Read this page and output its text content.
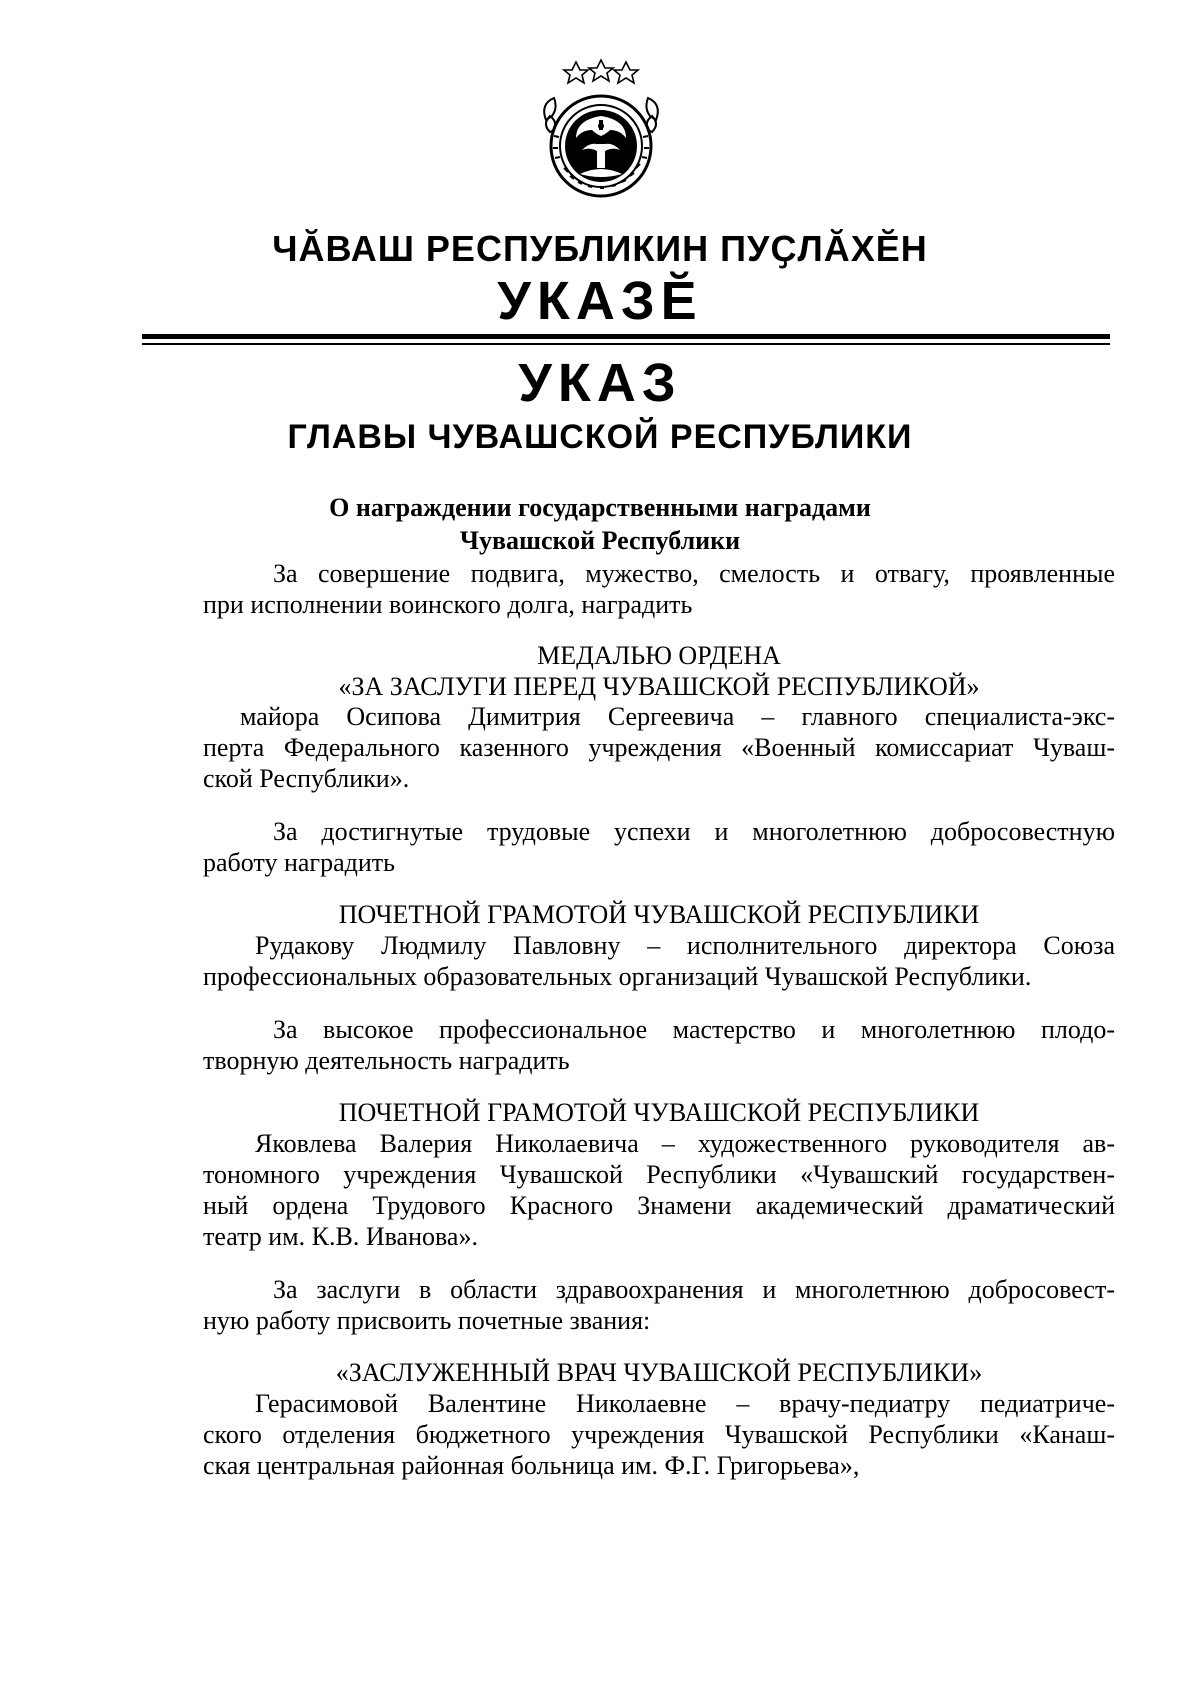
ЧӐВАШ РЕСПУБЛИКИН ПУҪЛӐХӖН
УКАЗӖ
УКАЗ
ГЛАВЫ ЧУВАШСКОЙ РЕСПУБЛИКИ
О награждении государственными наградами
Чувашской Республики
За совершение подвига, мужество, смелость и отвагу, проявленные
при исполнении воинского долга, наградить
МЕДАЛЬЮ ОРДЕНА
«ЗА ЗАСЛУГИ ПЕРЕД ЧУВАШСКОЙ РЕСПУБЛИКОЙ»
майора Осипова Димитрия Сергеевича – главного специалиста-экс-
перта Федерального казенного учреждения «Военный комиссариат Чуваш-
ской Республики».
За достигнутые трудовые успехи и многолетнюю добросовестную
работу наградить
ПОЧЕТНОЙ ГРАМОТОЙ ЧУВАШСКОЙ РЕСПУБЛИКИ
Рудакову Людмилу Павловну – исполнительного директора Союза
профессиональных образовательных организаций Чувашской Республики.
За высокое профессиональное мастерство и многолетнюю плодо-
творную деятельность наградить
ПОЧЕТНОЙ ГРАМОТОЙ ЧУВАШСКОЙ РЕСПУБЛИКИ
Яковлева Валерия Николаевича – художественного руководителя ав-
тономного учреждения Чувашской Республики «Чувашский государствен-
ный ордена Трудового Красного Знамени академический драматический
театр им. К.В. Иванова».
За заслуги в области здравоохранения и многолетнюю добросовест-
ную работу присвоить почетные звания:
«ЗАСЛУЖЕННЫЙ ВРАЧ ЧУВАШСКОЙ РЕСПУБЛИКИ»
Герасимовой Валентине Николаевне – врачу-педиатру педиатриче-
ского отделения бюджетного учреждения Чувашской Республики «Канаш-
ская центральная районная больница им. Ф.Г. Григорьева»,
